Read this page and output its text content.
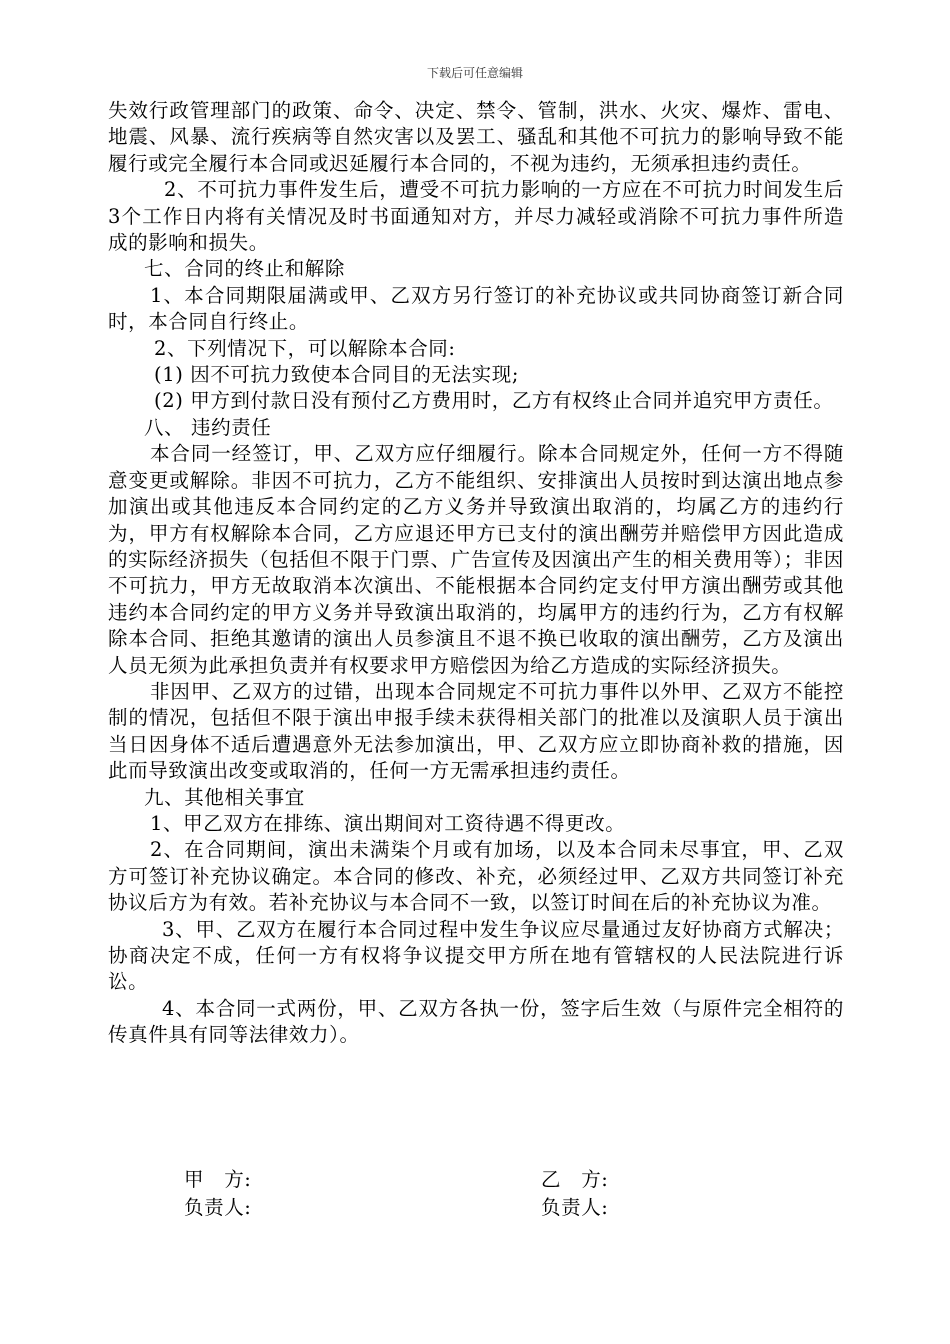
下载后可任意编辑

失效行政管理部门的政策、命令、决定、禁令、管制，洪水、火灾、爆炸、雷电、地震、风暴、流行疾病等自然灾害以及罢工、骚乱和其他不可抗力的影响导致不能履行或完全履行本合同或迟延履行本合同的，不视为违约，无须承担违约责任。

2、不可抗力事件发生后，遭受不可抗力影响的一方应在不可抗力时间发生后3个工作日内将有关情况及时书面通知对方，并尽力减轻或消除不可抗力事件所造成的影响和损失。

七、合同的终止和解除

1、本合同期限届满或甲、乙双方另行签订的补充协议或共同协商签订新合同时，本合同自行终止。

2、下列情况下，可以解除本合同:

(1) 因不可抗力致使本合同目的无法实现;

(2) 甲方到付款日没有预付乙方费用时，乙方有权终止合同并追究甲方责任。

八、 违约责任

本合同一经签订，甲、乙双方应仔细履行。除本合同规定外，任何一方不得随意变更或解除。非因不可抗力，乙方不能组织、安排演出人员按时到达演出地点参加演出或其他违反本合同约定的乙方义务并导致演出取消的，均属乙方的违约行为，甲方有权解除本合同，乙方应退还甲方已支付的演出酬劳并赔偿甲方因此造成的实际经济损失（包括但不限于门票、广告宣传及因演出产生的相关费用等）；非因不可抗力，甲方无故取消本次演出、不能根据本合同约定支付甲方演出酬劳或其他违约本合同约定的甲方义务并导致演出取消的，均属甲方的违约行为，乙方有权解除本合同、拒绝其邀请的演出人员参演且不退不换已收取的演出酬劳，乙方及演出人员无须为此承担负责并有权要求甲方赔偿因为给乙方造成的实际经济损失。

非因甲、乙双方的过错，出现本合同规定不可抗力事件以外甲、乙双方不能控制的情况，包括但不限于演出申报手续未获得相关部门的批准以及演职人员于演出当日因身体不适后遭遇意外无法参加演出，甲、乙双方应立即协商补救的措施，因此而导致演出改变或取消的，任何一方无需承担违约责任。

九、其他相关事宜

1、甲乙双方在排练、演出期间对工资待遇不得更改。

2、在合同期间，演出未满柒个月或有加场，以及本合同未尽事宜，甲、乙双方可签订补充协议确定。本合同的修改、补充，必须经过甲、乙双方共同签订补充协议后方为有效。若补充协议与本合同不一致，以签订时间在后的补充协议为准。

3、甲、乙双方在履行本合同过程中发生争议应尽量通过友好协商方式解决；协商决定不成，任何一方有权将争议提交甲方所在地有管辖权的人民法院进行诉讼。

4、本合同一式两份，甲、乙双方各执一份，签字后生效（与原件完全相符的传真件具有同等法律效力）。

甲　方:
负责人:
乙　方:
负责人:
